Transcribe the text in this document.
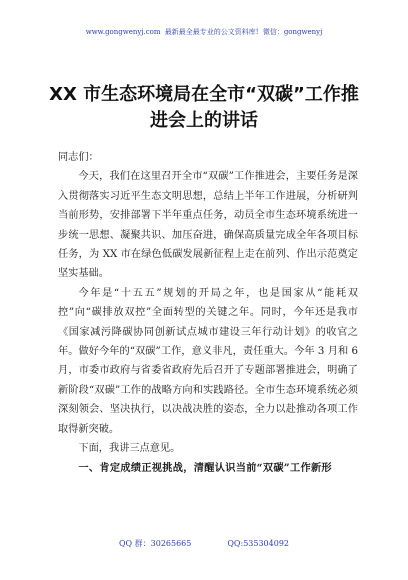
www.gongwenyj.com 最新最全最专业的公文资料库! 微信：gongwenyj
XX 市生态环境局在全市“双碳”工作推进会上的讲话

同志们：

今天，我们在这里召开全市“双碳”工作推进会，主要任务是深入贯彻落实习近平生态文明思想，总结上半年工作进展，分析研判当前形势，安排部署下半年重点任务，动员全市生态环境系统进一步统一思想、凝聚共识、加压奋进，确保高质量完成全年各项目标任务，为 XX 市在绿色低碳发展新征程上走在前列、作出示范奠定坚实基础。

今年是“十五五”规划的开局之年，也是国家从“能耗双控”向“碳排放双控”全面转型的关键之年。同时，今年还是我市《国家减污降碳协同创新试点城市建设三年行动计划》的收官之年。做好今年的“双碳”工作，意义非凡，责任重大。今年 3 月和 6 月，市委市政府与省委省政府先后召开了专题部署推进会，明确了新阶段“双碳”工作的战略方向和实践路径。全市生态环境系统必须深刻领会、坚决执行，以决战决胜的姿态，全力以赴推动各项工作取得新突破。

下面，我讲三点意见。

一、肯定成绩正视挑战，清醒认识当前“双碳”工作新形

QQ 群：30265665	QQ:535304092
